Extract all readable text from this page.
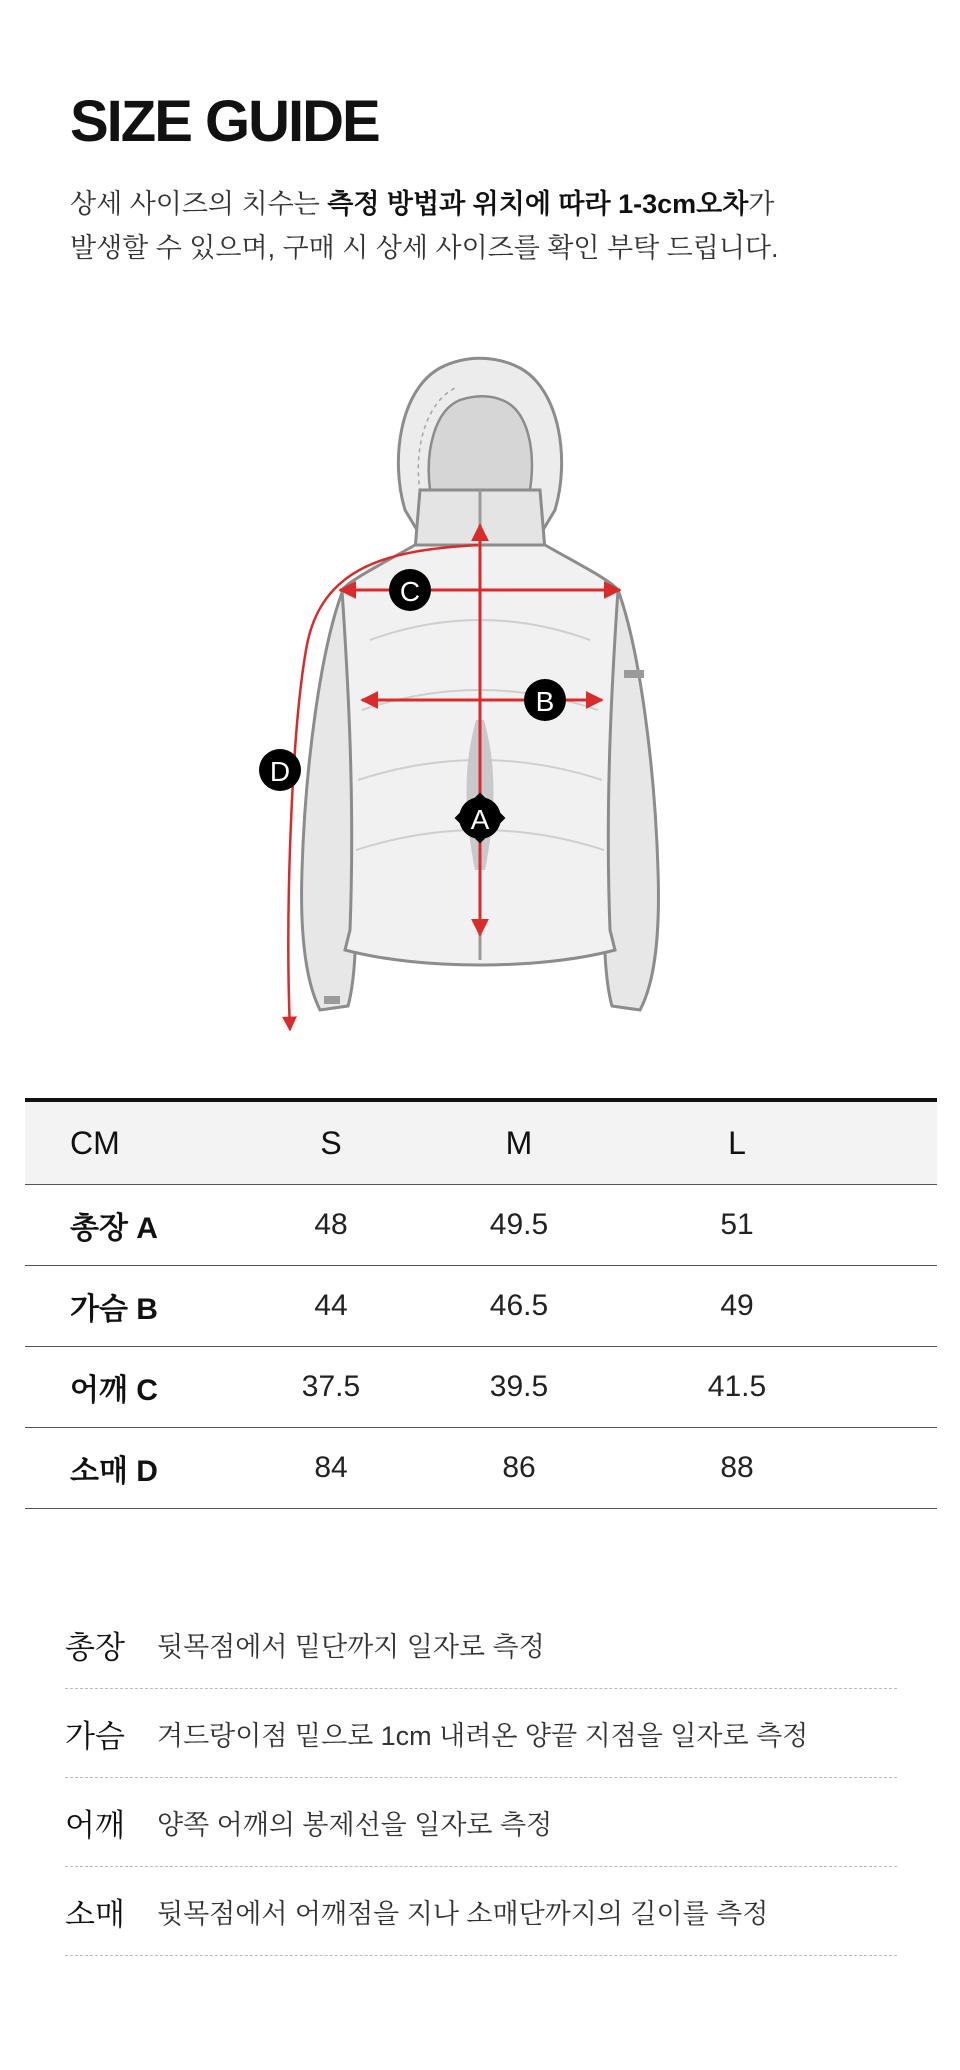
SIZE GUIDE

상세 사이즈의 치수는 측정 방법과 위치에 따라 1-3cm오차가
발생할 수 있으며, 구매 시 상세 사이즈를 확인 부탁 드립니다.

A
B
C
D
CM	S	M	L	
총장 A	48	49.5	51	
가슴 B	44	46.5	49	
어깨 C	37.5	39.5	41.5	
소매 D	84	86	88	
총장	뒷목점에서 밑단까지 일자로 측정
가슴	겨드랑이점 밑으로 1cm 내려온 양끝 지점을 일자로 측정
어깨	양쪽 어깨의 봉제선을 일자로 측정
소매	뒷목점에서 어깨점을 지나 소매단까지의 길이를 측정
